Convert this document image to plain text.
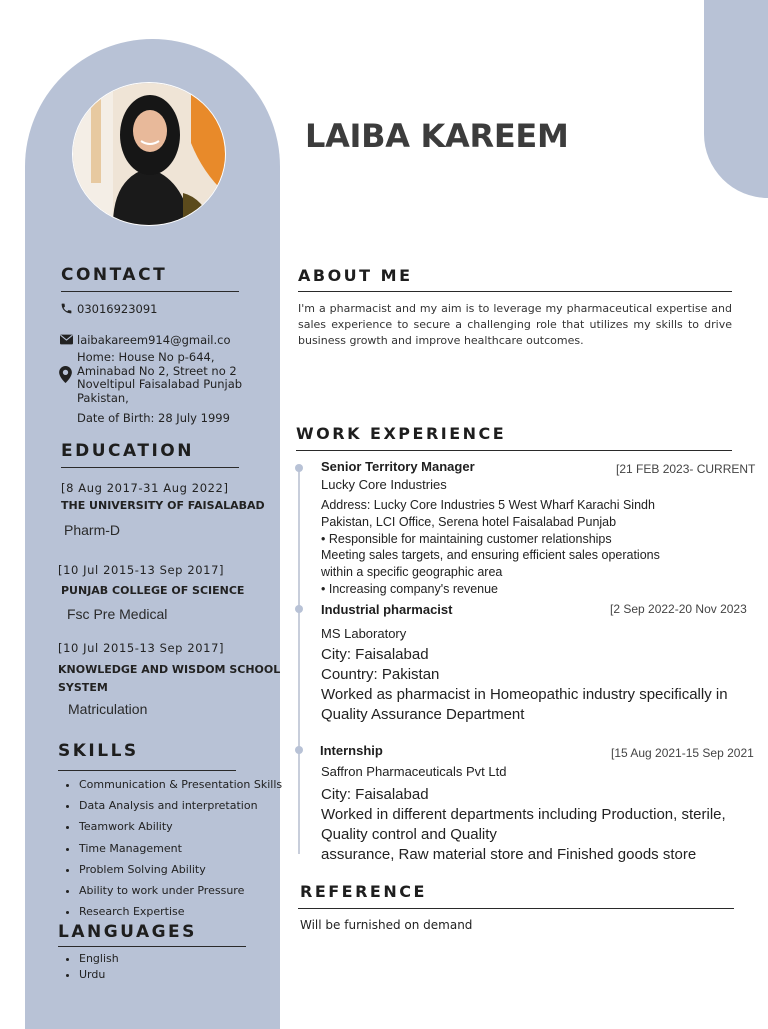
LAIBA KAREEM
CONTACT
03016923091
laibakareem914@gmail.co
Home: House No p-644,
Aminabad No 2, Street no 2
Noveltipul Faisalabad Punjab
Pakistan,
Date of Birth: 28 July 1999
EDUCATION
[8 Aug 2017-31 Aug 2022]
THE UNIVERSITY OF FAISALABAD
Pharm-D
[10 Jul 2015-13 Sep 2017]
PUNJAB COLLEGE OF SCIENCE
Fsc Pre Medical
[10 Jul 2015-13 Sep 2017]
KNOWLEDGE AND WISDOM SCHOOL
SYSTEM
Matriculation
SKILLS
• Communication & Presentation Skills
• Data Analysis and interpretation
• Teamwork Ability
• Time Management
• Problem Solving Ability
• Ability to work under Pressure
• Research Expertise
LANGUAGES
• English
• Urdu
ABOUT ME
I'm a pharmacist and my aim is to leverage my pharmaceutical expertise and sales experience to secure a challenging role that utilizes my skills to drive business growth and improve healthcare outcomes.
WORK EXPERIENCE
Senior Territory Manager	[21 FEB 2023- CURRENT
Lucky Core Industries
Address: Lucky Core Industries 5 West Wharf Karachi Sindh
Pakistan, LCI Office, Serena hotel Faisalabad Punjab
• Responsible for maintaining customer relationships
Meeting sales targets, and ensuring efficient sales operations
within a specific geographic area
• Increasing company's revenue
Industrial pharmacist	[2 Sep 2022-20 Nov 2023
MS Laboratory
City: Faisalabad
Country: Pakistan
Worked as pharmacist in Homeopathic industry specifically in
Quality Assurance Department
Internship	[15 Aug 2021-15 Sep 2021
Saffron Pharmaceuticals Pvt Ltd
City: Faisalabad
Worked in different departments including Production, sterile,
Quality control and Quality
assurance, Raw material store and Finished goods store
REFERENCE
Will be furnished on demand
